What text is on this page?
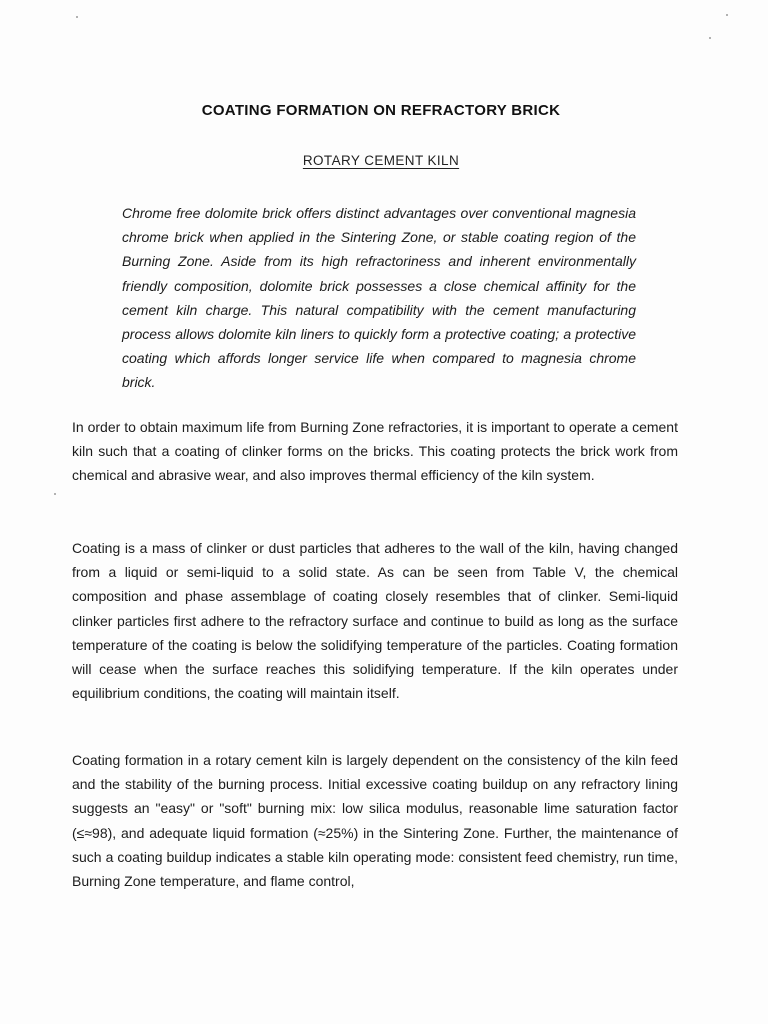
COATING FORMATION ON REFRACTORY BRICK
ROTARY CEMENT KILN

Chrome free dolomite brick offers distinct advantages over conventional magnesia chrome brick when applied in the Sintering Zone, or stable coating region of the Burning Zone. Aside from its high refractoriness and inherent environmentally friendly composition, dolomite brick possesses a close chemical affinity for the cement kiln charge. This natural compatibility with the cement manufacturing process allows dolomite kiln liners to quickly form a protective coating; a protective coating which affords longer service life when compared to magnesia chrome brick.

In order to obtain maximum life from Burning Zone refractories, it is important to operate a cement kiln such that a coating of clinker forms on the bricks. This coating protects the brick work from chemical and abrasive wear, and also improves thermal efficiency of the kiln system.

Coating is a mass of clinker or dust particles that adheres to the wall of the kiln, having changed from a liquid or semi-liquid to a solid state. As can be seen from Table V, the chemical composition and phase assemblage of coating closely resembles that of clinker. Semi-liquid clinker particles first adhere to the refractory surface and continue to build as long as the surface temperature of the coating is below the solidifying temperature of the particles. Coating formation will cease when the surface reaches this solidifying temperature. If the kiln operates under equilibrium conditions, the coating will maintain itself.

Coating formation in a rotary cement kiln is largely dependent on the consistency of the kiln feed and the stability of the burning process. Initial excessive coating buildup on any refractory lining suggests an "easy" or "soft" burning mix: low silica modulus, reasonable lime saturation factor (≤≈98), and adequate liquid formation (≈25%) in the Sintering Zone. Further, the maintenance of such a coating buildup indicates a stable kiln operating mode: consistent feed chemistry, run time, Burning Zone temperature, and flame control,
